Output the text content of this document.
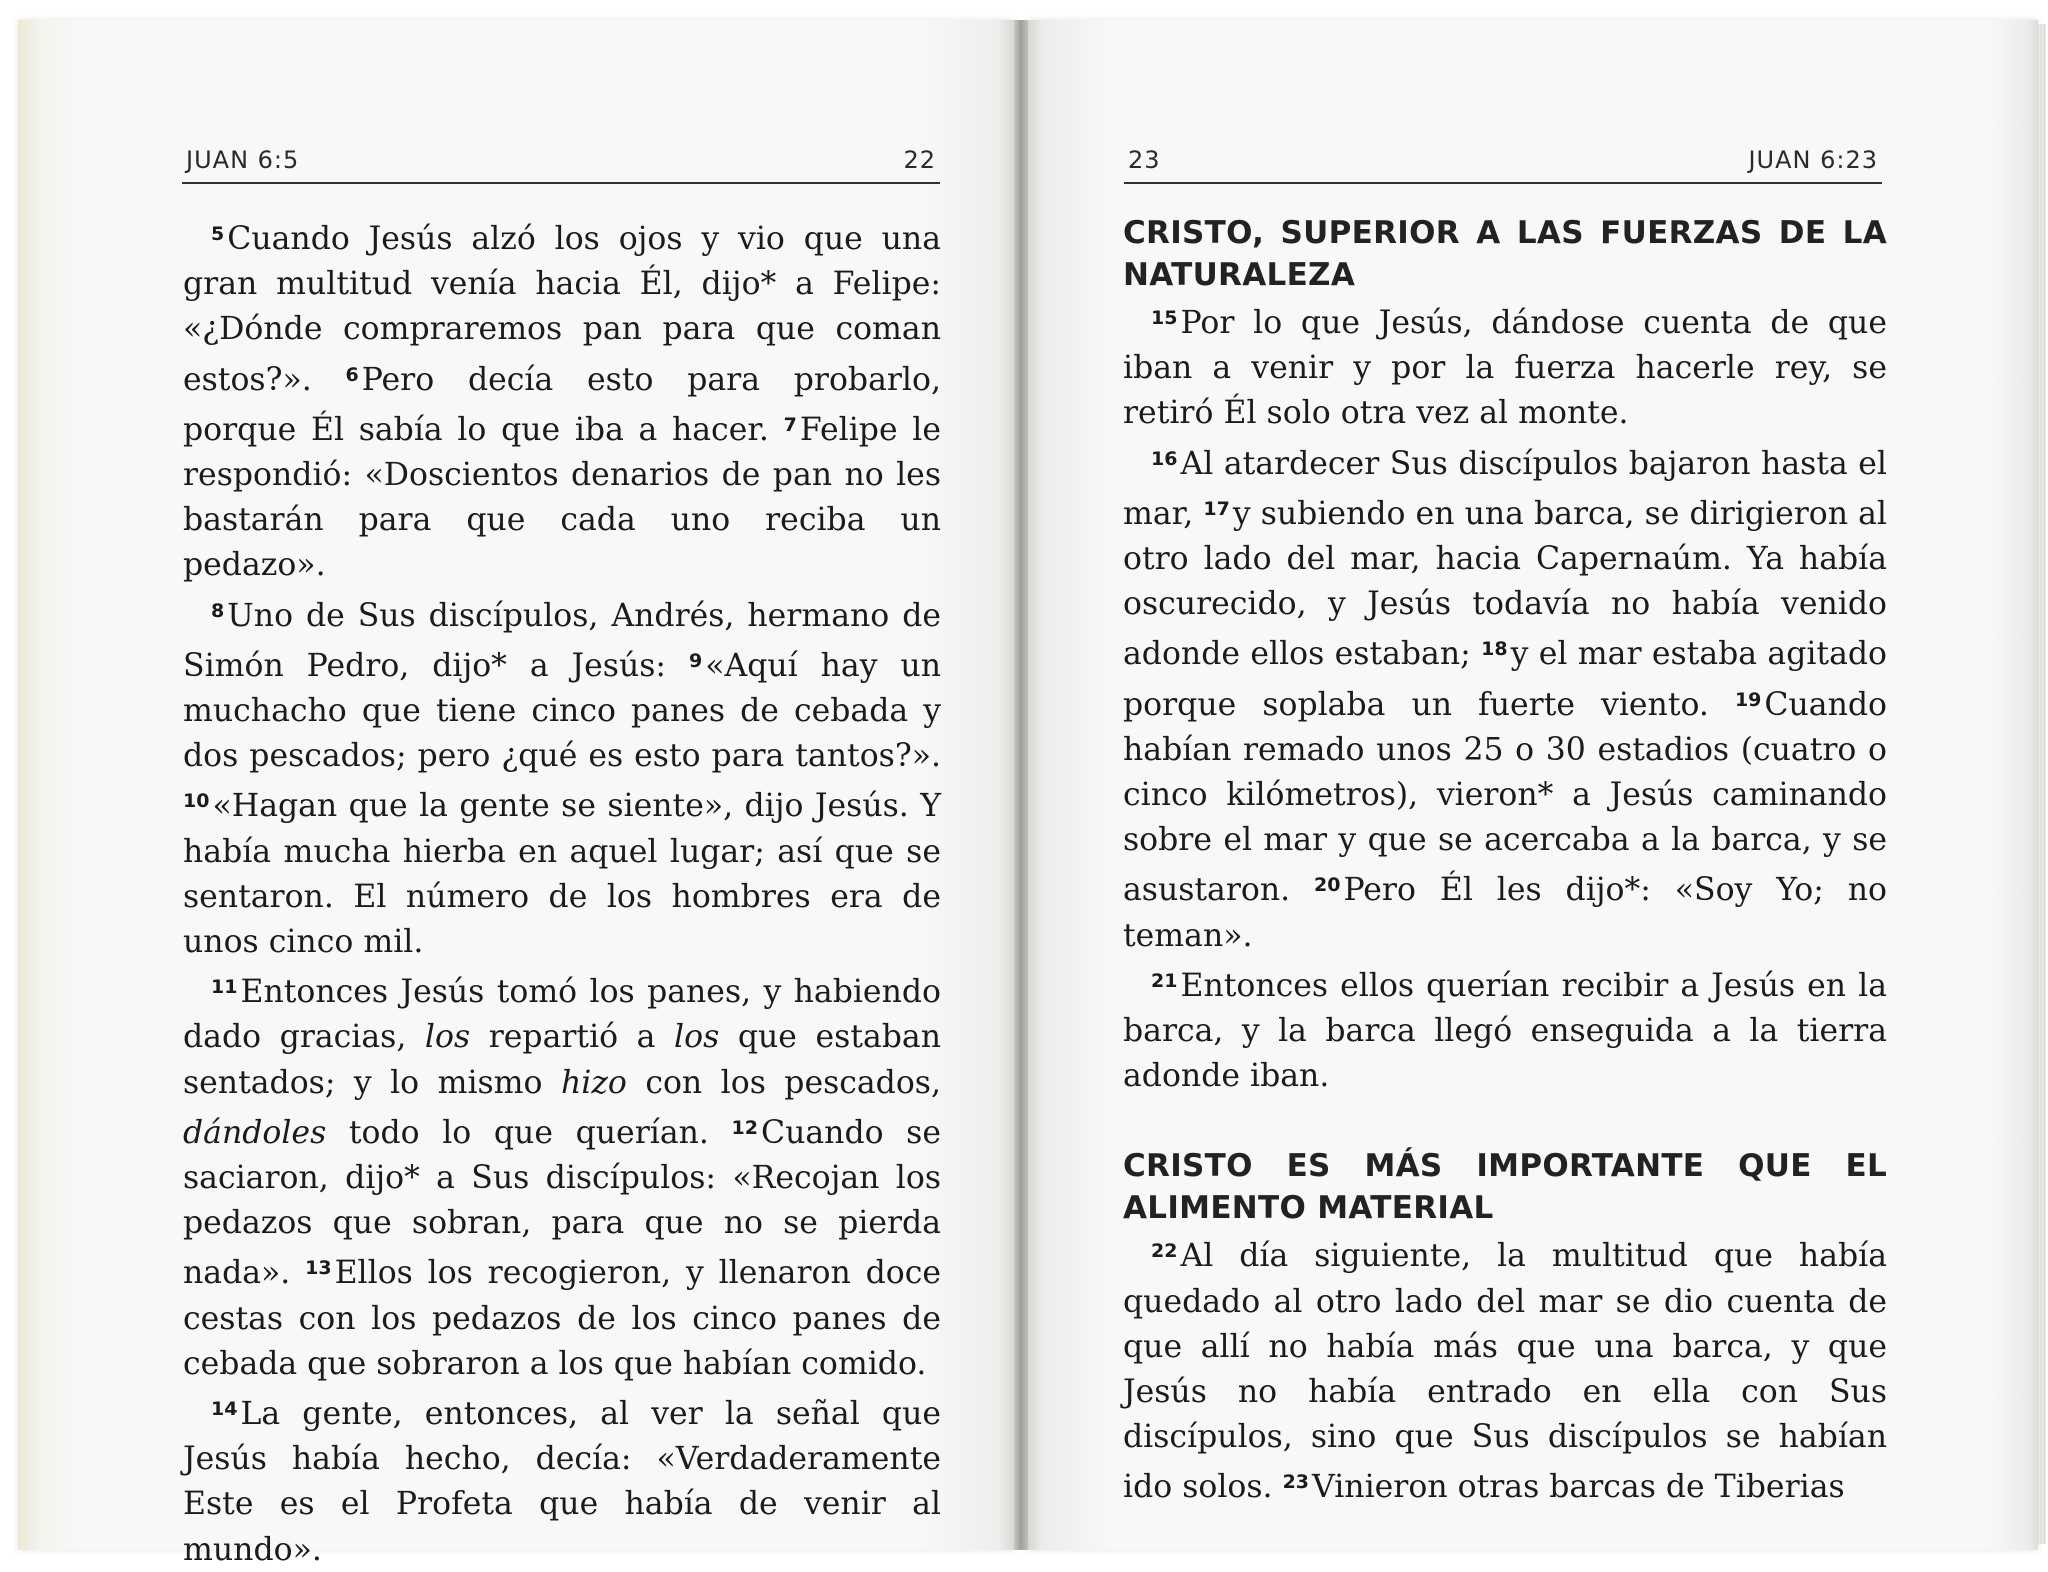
JUAN 6:5	22

$^5$Cuando Jesús alzó los ojos y vio que una gran multitud venía hacia Él, dijo* a Felipe: «¿Dónde compraremos pan para que coman estos?». $^6$Pero decía esto para probarlo, porque Él sabía lo que iba a hacer. $^7$Felipe le respondió: «Doscientos denarios de pan no les bastarán para que cada uno reciba un pedazo».

$^8$Uno de Sus discípulos, Andrés, hermano de Simón Pedro, dijo* a Jesús: $^9$«Aquí hay un muchacho que tiene cinco panes de cebada y dos pescados; pero ¿qué es esto para tantos?». $^{10}$«Hagan que la gente se siente», dijo Jesús. Y había mucha hierba en aquel lugar; así que se sentaron. El número de los hombres era de unos cinco mil.

$^{11}$Entonces Jesús tomó los panes, y habiendo dado gracias, los repartió a los que estaban sentados; y lo mismo hizo con los pescados, dándoles todo lo que querían. $^{12}$Cuando se saciaron, dijo* a Sus discípulos: «Recojan los pedazos que sobran, para que no se pierda nada». $^{13}$Ellos los recogieron, y llenaron doce cestas con los pedazos de los cinco panes de cebada que sobraron a los que habían comido.

$^{14}$La gente, entonces, al ver la señal que Jesús había hecho, decía: «Verdaderamente Este es el Profeta que había de venir al mundo».

23	JUAN 6:23

CRISTO, SUPERIOR A LAS FUERZAS DE LA NATURALEZA

$^{15}$Por lo que Jesús, dándose cuenta de que iban a venir y por la fuerza hacerle rey, se retiró Él solo otra vez al monte.

$^{16}$Al atardecer Sus discípulos bajaron hasta el mar, $^{17}$y subiendo en una barca, se dirigieron al otro lado del mar, hacia Capernaúm. Ya había oscurecido, y Jesús todavía no había venido adonde ellos estaban; $^{18}$y el mar estaba agitado porque soplaba un fuerte viento. $^{19}$Cuando habían remado unos 25 o 30 estadios (cuatro o cinco kilómetros), vieron* a Jesús caminando sobre el mar y que se acercaba a la barca, y se asustaron. $^{20}$Pero Él les dijo*: «Soy Yo; no teman».

$^{21}$Entonces ellos querían recibir a Jesús en la barca, y la barca llegó enseguida a la tierra adonde iban.

CRISTO ES MÁS IMPORTANTE QUE EL ALIMENTO MATERIAL

$^{22}$Al día siguiente, la multitud que había quedado al otro lado del mar se dio cuenta de que allí no había más que una barca, y que Jesús no había entrado en ella con Sus discípulos, sino que Sus discípulos se habían ido solos. $^{23}$Vinieron otras barcas de Tiberias
